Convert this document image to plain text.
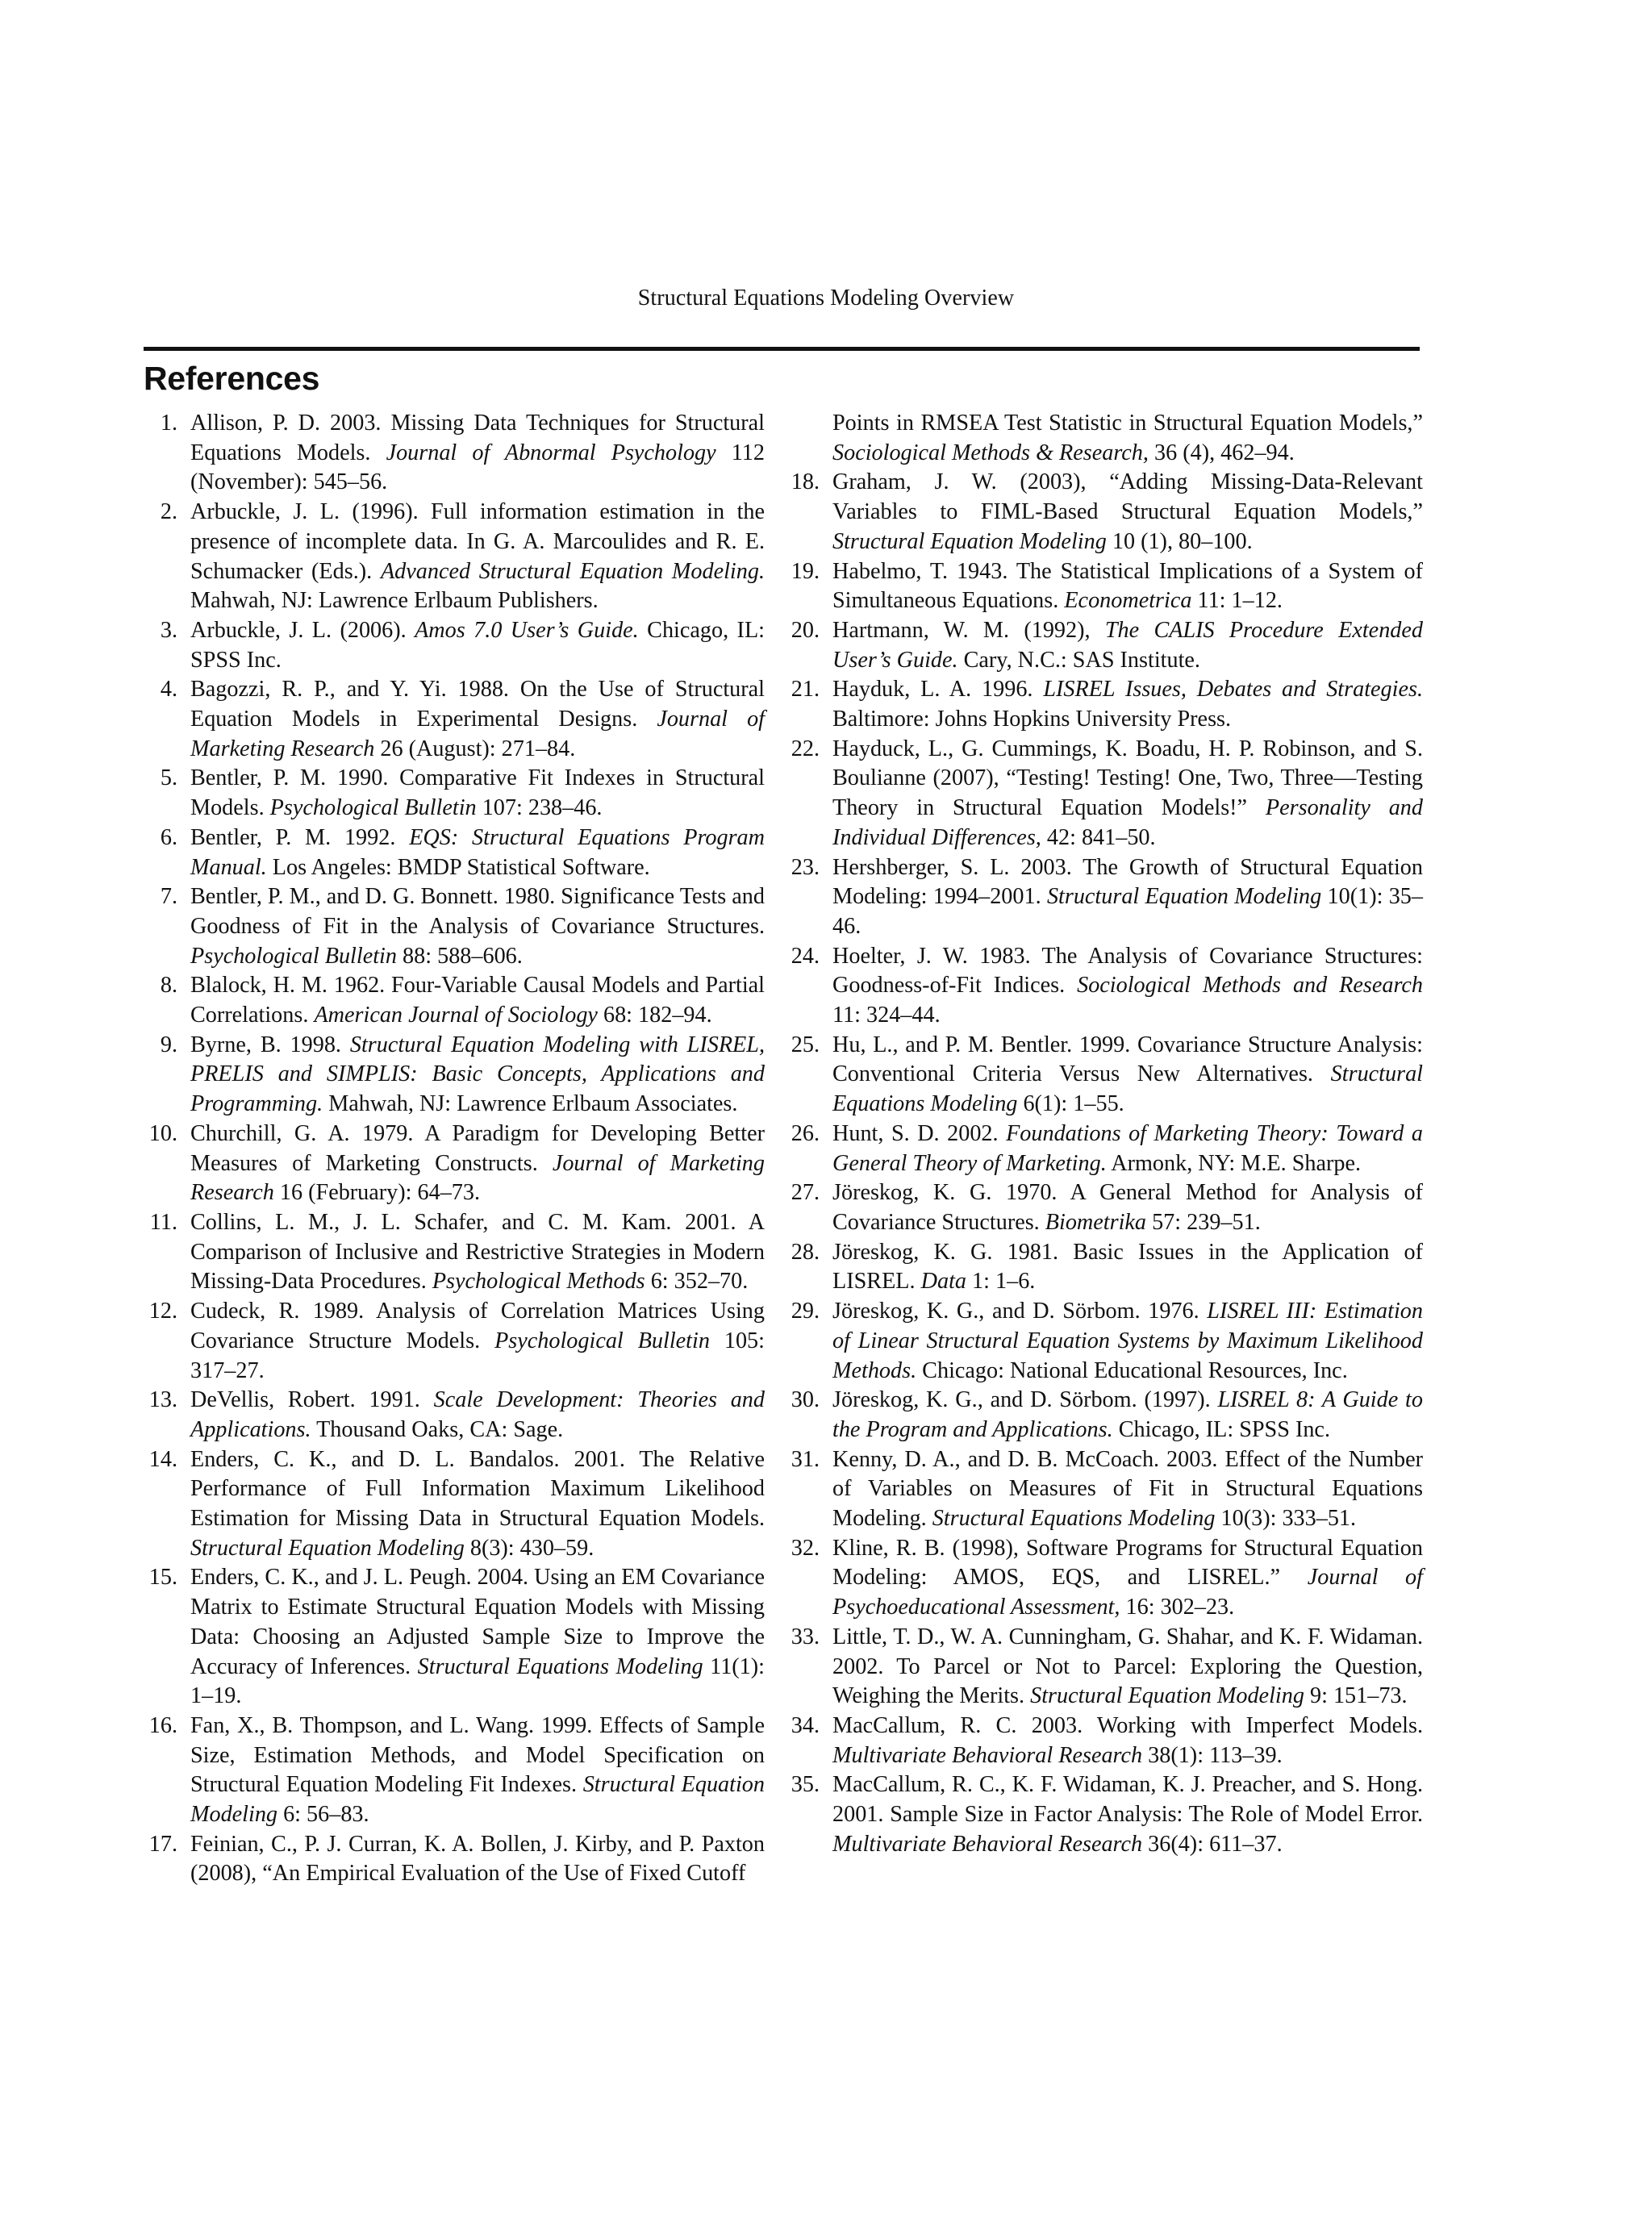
Structural Equations Modeling Overview
References
1. Allison, P. D. 2003. Missing Data Techniques for Structural Equations Models. Journal of Abnormal Psychology 112 (November): 545–56.
2. Arbuckle, J. L. (1996). Full information estimation in the presence of incomplete data. In G. A. Marcoulides and R. E. Schumacker (Eds.). Advanced Structural Equation Modeling. Mahwah, NJ: Lawrence Erlbaum Publishers.
3. Arbuckle, J. L. (2006). Amos 7.0 User’s Guide. Chicago, IL: SPSS Inc.
4. Bagozzi, R. P., and Y. Yi. 1988. On the Use of Structural Equation Models in Experimental Designs. Journal of Marketing Research 26 (August): 271–84.
5. Bentler, P. M. 1990. Comparative Fit Indexes in Structural Models. Psychological Bulletin 107: 238–46.
6. Bentler, P. M. 1992. EQS: Structural Equations Program Manual. Los Angeles: BMDP Statistical Software.
7. Bentler, P. M., and D. G. Bonnett. 1980. Significance Tests and Goodness of Fit in the Analysis of Covariance Structures. Psychological Bulletin 88: 588–606.
8. Blalock, H. M. 1962. Four-Variable Causal Models and Partial Correlations. American Journal of Sociology 68: 182–94.
9. Byrne, B. 1998. Structural Equation Modeling with LISREL, PRELIS and SIMPLIS: Basic Concepts, Applications and Programming. Mahwah, NJ: Lawrence Erlbaum Associates.
10. Churchill, G. A. 1979. A Paradigm for Developing Better Measures of Marketing Constructs. Journal of Marketing Research 16 (February): 64–73.
11. Collins, L. M., J. L. Schafer, and C. M. Kam. 2001. A Comparison of Inclusive and Restrictive Strategies in Modern Missing-Data Procedures. Psychological Methods 6: 352–70.
12. Cudeck, R. 1989. Analysis of Correlation Matrices Using Covariance Structure Models. Psychological Bulletin 105: 317–27.
13. DeVellis, Robert. 1991. Scale Development: Theories and Applications. Thousand Oaks, CA: Sage.
14. Enders, C. K., and D. L. Bandalos. 2001. The Relative Performance of Full Information Maximum Likelihood Estimation for Missing Data in Structural Equation Models. Structural Equation Modeling 8(3): 430–59.
15. Enders, C. K., and J. L. Peugh. 2004. Using an EM Covariance Matrix to Estimate Structural Equation Models with Missing Data: Choosing an Adjusted Sample Size to Improve the Accuracy of Inferences. Structural Equations Modeling 11(1): 1–19.
16. Fan, X., B. Thompson, and L. Wang. 1999. Effects of Sample Size, Estimation Methods, and Model Specification on Structural Equation Modeling Fit Indexes. Structural Equation Modeling 6: 56–83.
17. Feinian, C., P. J. Curran, K. A. Bollen, J. Kirby, and P. Paxton (2008), “An Empirical Evaluation of the Use of Fixed Cutoff
Points in RMSEA Test Statistic in Structural Equation Models,” Sociological Methods & Research, 36 (4), 462–94.
18. Graham, J. W. (2003), “Adding Missing-Data-Relevant Variables to FIML-Based Structural Equation Models,” Structural Equation Modeling 10 (1), 80–100.
19. Habelmo, T. 1943. The Statistical Implications of a System of Simultaneous Equations. Econometrica 11: 1–12.
20. Hartmann, W. M. (1992), The CALIS Procedure Extended User’s Guide. Cary, N.C.: SAS Institute.
21. Hayduk, L. A. 1996. LISREL Issues, Debates and Strategies. Baltimore: Johns Hopkins University Press.
22. Hayduck, L., G. Cummings, K. Boadu, H. P. Robinson, and S. Boulianne (2007), “Testing! Testing! One, Two, Three—Testing Theory in Structural Equation Models!” Personality and Individual Differences, 42: 841–50.
23. Hershberger, S. L. 2003. The Growth of Structural Equation Modeling: 1994–2001. Structural Equation Modeling 10(1): 35–46.
24. Hoelter, J. W. 1983. The Analysis of Covariance Structures: Goodness-of-Fit Indices. Sociological Methods and Research 11: 324–44.
25. Hu, L., and P. M. Bentler. 1999. Covariance Structure Analysis: Conventional Criteria Versus New Alternatives. Structural Equations Modeling 6(1): 1–55.
26. Hunt, S. D. 2002. Foundations of Marketing Theory: Toward a General Theory of Marketing. Armonk, NY: M.E. Sharpe.
27. Jöreskog, K. G. 1970. A General Method for Analysis of Covariance Structures. Biometrika 57: 239–51.
28. Jöreskog, K. G. 1981. Basic Issues in the Application of LISREL. Data 1: 1–6.
29. Jöreskog, K. G., and D. Sörbom. 1976. LISREL III: Estimation of Linear Structural Equation Systems by Maximum Likelihood Methods. Chicago: National Educational Resources, Inc.
30. Jöreskog, K. G., and D. Sörbom. (1997). LISREL 8: A Guide to the Program and Applications. Chicago, IL: SPSS Inc.
31. Kenny, D. A., and D. B. McCoach. 2003. Effect of the Number of Variables on Measures of Fit in Structural Equations Modeling. Structural Equations Modeling 10(3): 333–51.
32. Kline, R. B. (1998), Software Programs for Structural Equation Modeling: AMOS, EQS, and LISREL.” Journal of Psychoeducational Assessment, 16: 302–23.
33. Little, T. D., W. A. Cunningham, G. Shahar, and K. F. Widaman. 2002. To Parcel or Not to Parcel: Exploring the Question, Weighing the Merits. Structural Equation Modeling 9: 151–73.
34. MacCallum, R. C. 2003. Working with Imperfect Models. Multivariate Behavioral Research 38(1): 113–39.
35. MacCallum, R. C., K. F. Widaman, K. J. Preacher, and S. Hong. 2001. Sample Size in Factor Analysis: The Role of Model Error. Multivariate Behavioral Research 36(4): 611–37.
